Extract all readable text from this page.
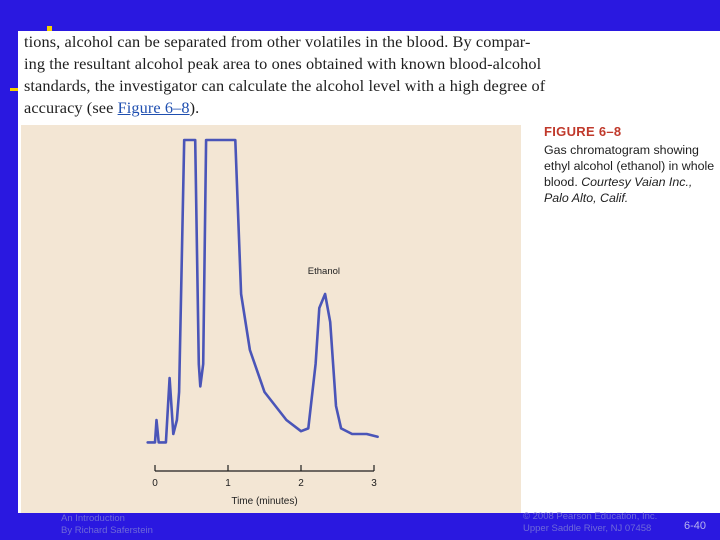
tions, alcohol can be separated from other volatiles in the blood. By compar-
ing the resultant alcohol peak area to ones obtained with known blood-alcohol
standards, the investigator can calculate the alcohol level with a high degree of
accuracy (see Figure 6–8).
0	1	2	3
Time (minutes)
Ethanol
FIGURE 6–8
Gas chromatogram showing ethyl alcohol (ethanol) in whole blood. Courtesy Vaian Inc., Palo Alto, Calif.
An Introduction
By Richard Saferstein
© 2008 Pearson Education, Inc.
Upper Saddle River, NJ 07458	6-40
